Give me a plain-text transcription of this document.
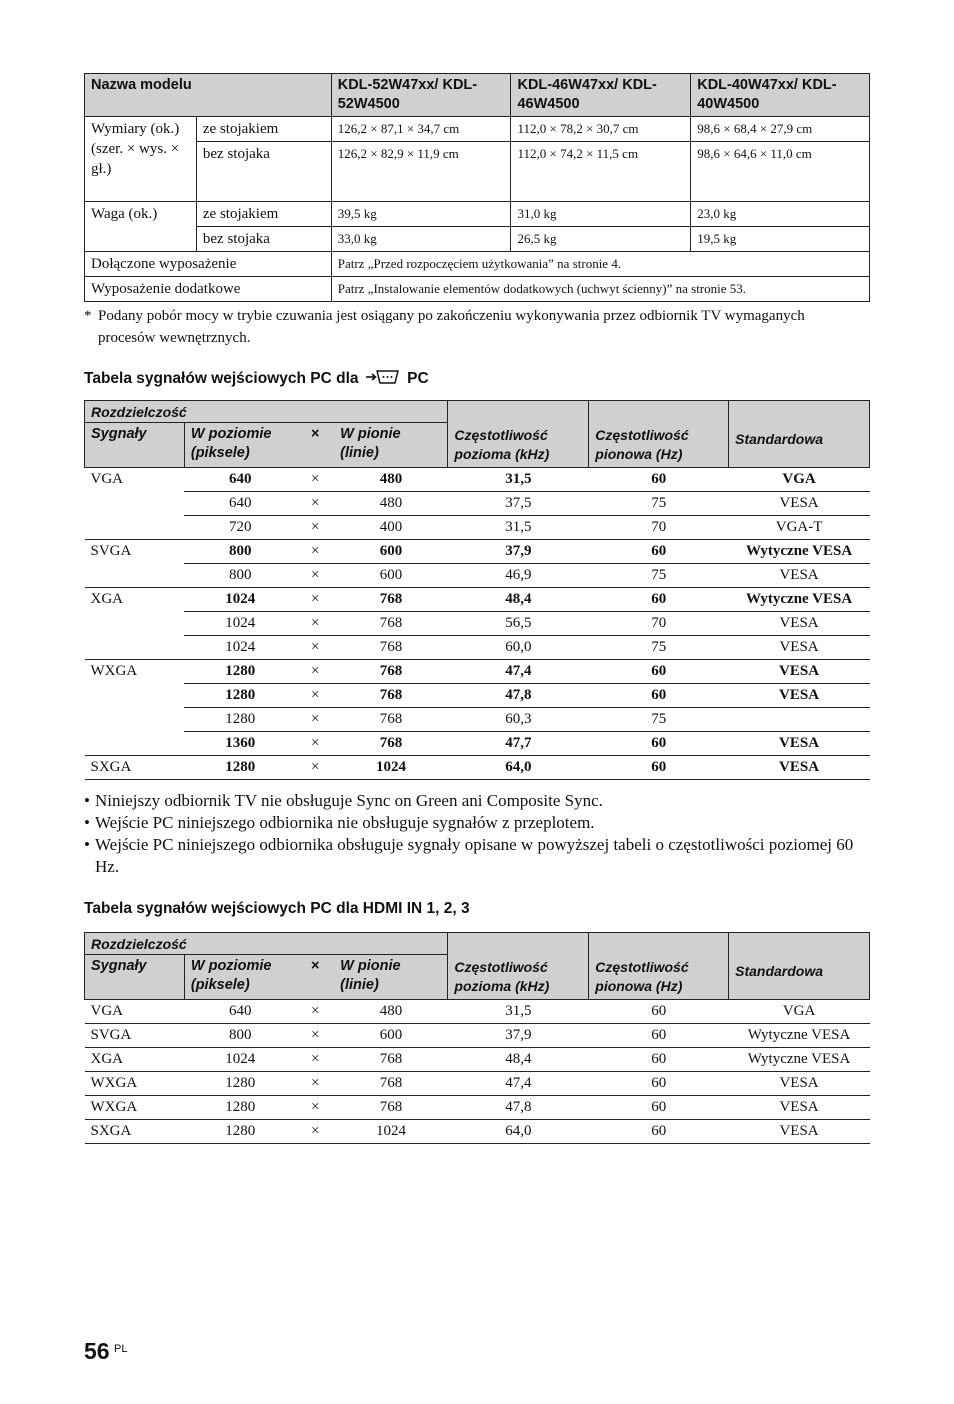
Nazwa modelu		KDL-52W47xx/ KDL-52W4500	KDL-46W47xx/ KDL-46W4500	KDL-40W47xx/ KDL-40W4500
Wymiary (ok.) (szer. × wys. × gł.)	ze stojakiem	126,2 × 87,1 × 34,7 cm	112,0 × 78,2 × 30,7 cm	98,6 × 68,4 × 27,9 cm
	bez stojaka	126,2 × 82,9 × 11,9 cm	112,0 × 74,2 × 11,5 cm	98,6 × 64,6 × 11,0 cm
Waga (ok.)	ze stojakiem	39,5 kg	31,0 kg	23,0 kg
	bez stojaka	33,0 kg	26,5 kg	19,5 kg
Dołączone wyposażenie		Patrz „Przed rozpoczęciem użytkowania” na stronie 4.		
Wyposażenie dodatkowe		Patrz „Instalowanie elementów dodatkowych (uchwyt ścienny)” na stronie 53.		
* Podany pobór mocy w trybie czuwania jest osiągany po zakończeniu wykonywania przez odbiornik TV wymaganych procesów wewnętrznych.
Tabela sygnałów wejściowych PC dla	PC
Rozdzielczość				Częstotliwość pozioma (kHz)	Częstotliwość pionowa (Hz)	Standardowa
Sygnały	W poziomie (piksele)	×	W pionie (linie)			
VGA	640	×	480	31,5	60	VGA
	640	×	480	37,5	75	VESA
	720	×	400	31,5	70	VGA-T
SVGA	800	×	600	37,9	60	Wytyczne VESA
	800	×	600	46,9	75	VESA
XGA	1024	×	768	48,4	60	Wytyczne VESA
	1024	×	768	56,5	70	VESA
	1024	×	768	60,0	75	VESA
WXGA	1280	×	768	47,4	60	VESA
	1280	×	768	47,8	60	VESA
	1280	×	768	60,3	75	
	1360	×	768	47,7	60	VESA
SXGA	1280	×	1024	64,0	60	VESA
• Niniejszy odbiornik TV nie obsługuje Sync on Green ani Composite Sync.
• Wejście PC niniejszego odbiornika nie obsługuje sygnałów z przeplotem.
• Wejście PC niniejszego odbiornika obsługuje sygnały opisane w powyższej tabeli o częstotliwości poziomej 60 Hz.
Tabela sygnałów wejściowych PC dla HDMI IN 1, 2, 3
Rozdzielczość				Częstotliwość pozioma (kHz)	Częstotliwość pionowa (Hz)	Standardowa
Sygnały	W poziomie (piksele)	×	W pionie (linie)			
VGA	640	×	480	31,5	60	VGA
SVGA	800	×	600	37,9	60	Wytyczne VESA
XGA	1024	×	768	48,4	60	Wytyczne VESA
WXGA	1280	×	768	47,4	60	VESA
WXGA	1280	×	768	47,8	60	VESA
SXGA	1280	×	1024	64,0	60	VESA
56 PL
